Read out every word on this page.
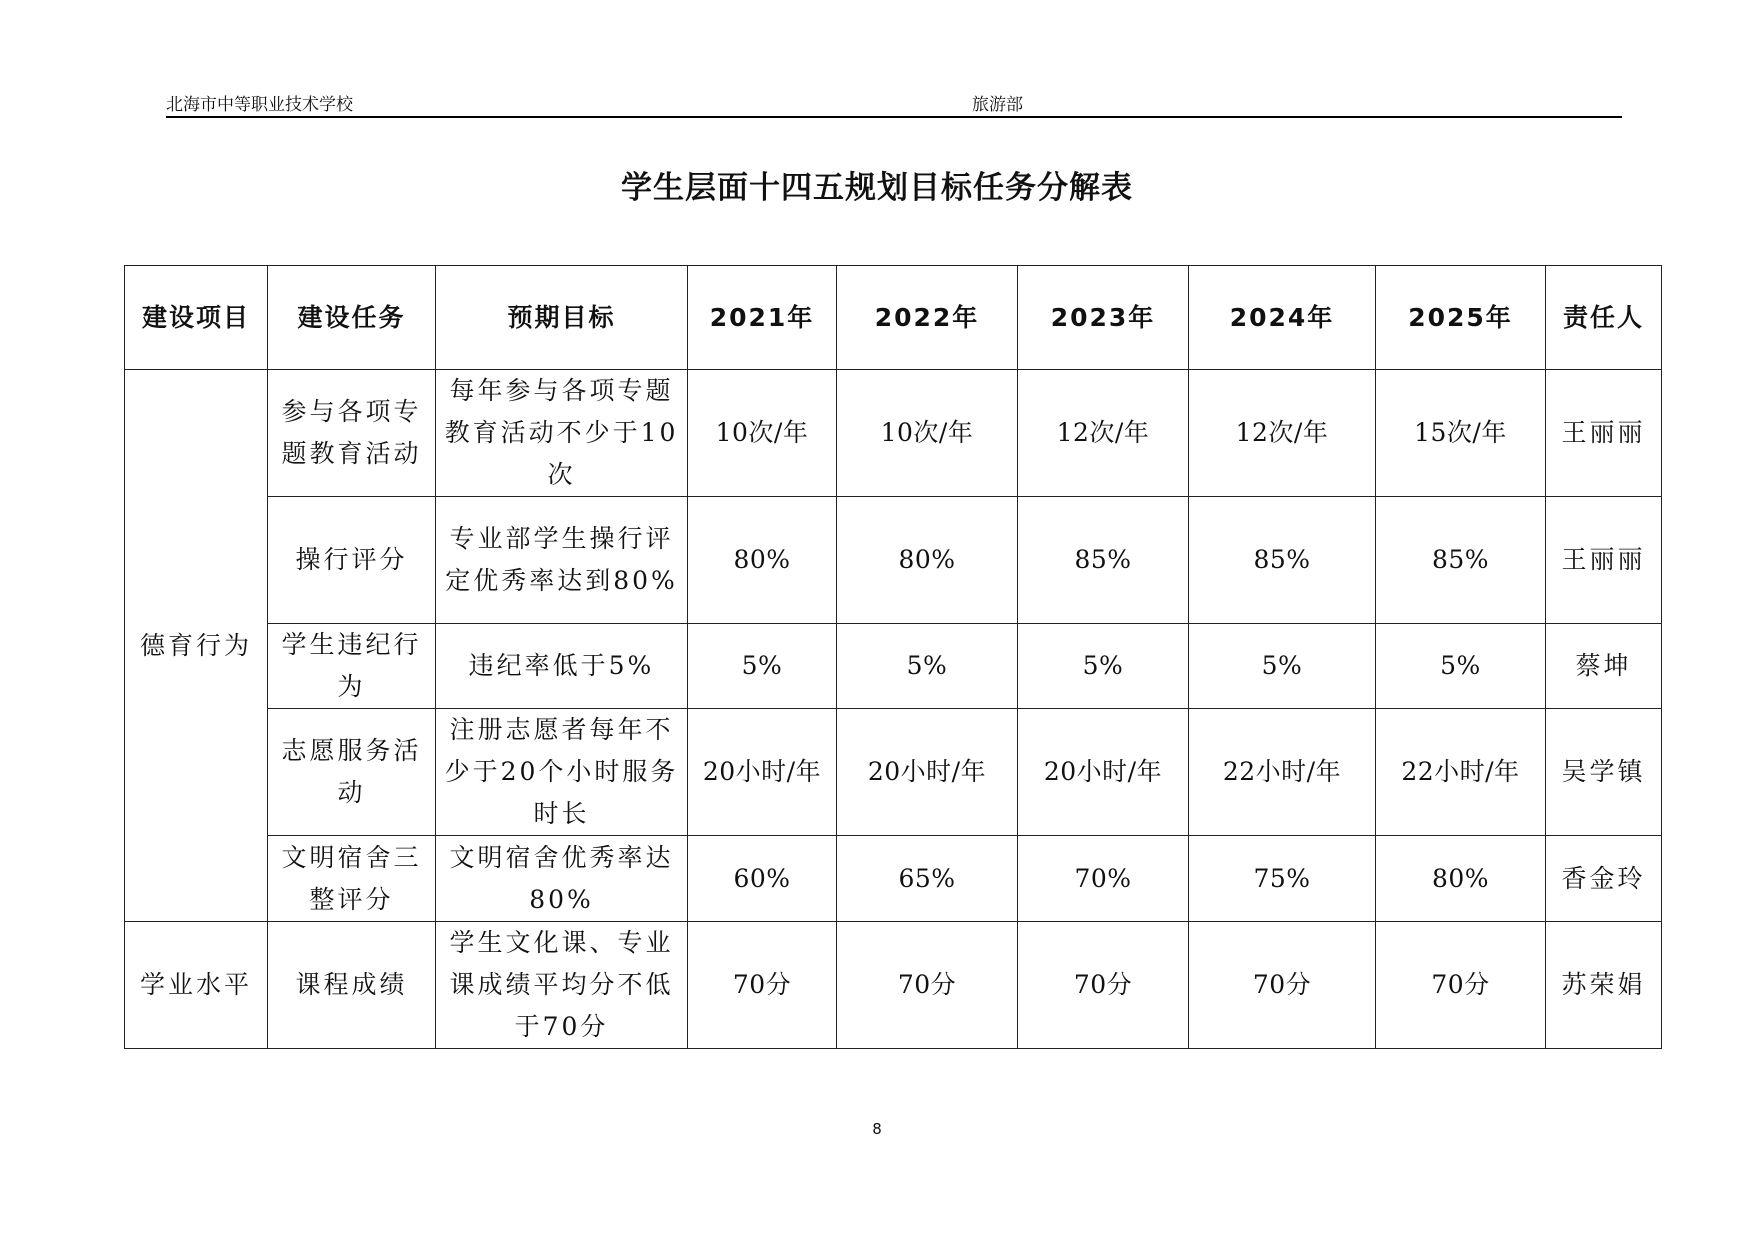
北海市中等职业技术学校	旅游部
学生层面十四五规划目标任务分解表
建设项目	建设任务	预期目标	2021年	2022年	2023年	2024年	2025年	责任人
德育行为	参与各项专题教育活动	每年参与各项专题教育活动不少于10次	10次/年	10次/年	12次/年	12次/年	15次/年	王丽丽
	操行评分	专业部学生操行评定优秀率达到80%	80%	80%	85%	85%	85%	王丽丽
	学生违纪行为	违纪率低于5%	5%	5%	5%	5%	5%	蔡坤
	志愿服务活动	注册志愿者每年不少于20个小时服务时长	20小时/年	20小时/年	20小时/年	22小时/年	22小时/年	吴学镇
	文明宿舍三整评分	文明宿舍优秀率达80%	60%	65%	70%	75%	80%	香金玲
学业水平	课程成绩	学生文化课、专业课成绩平均分不低于70分	70分	70分	70分	70分	70分	苏荣娟
8
